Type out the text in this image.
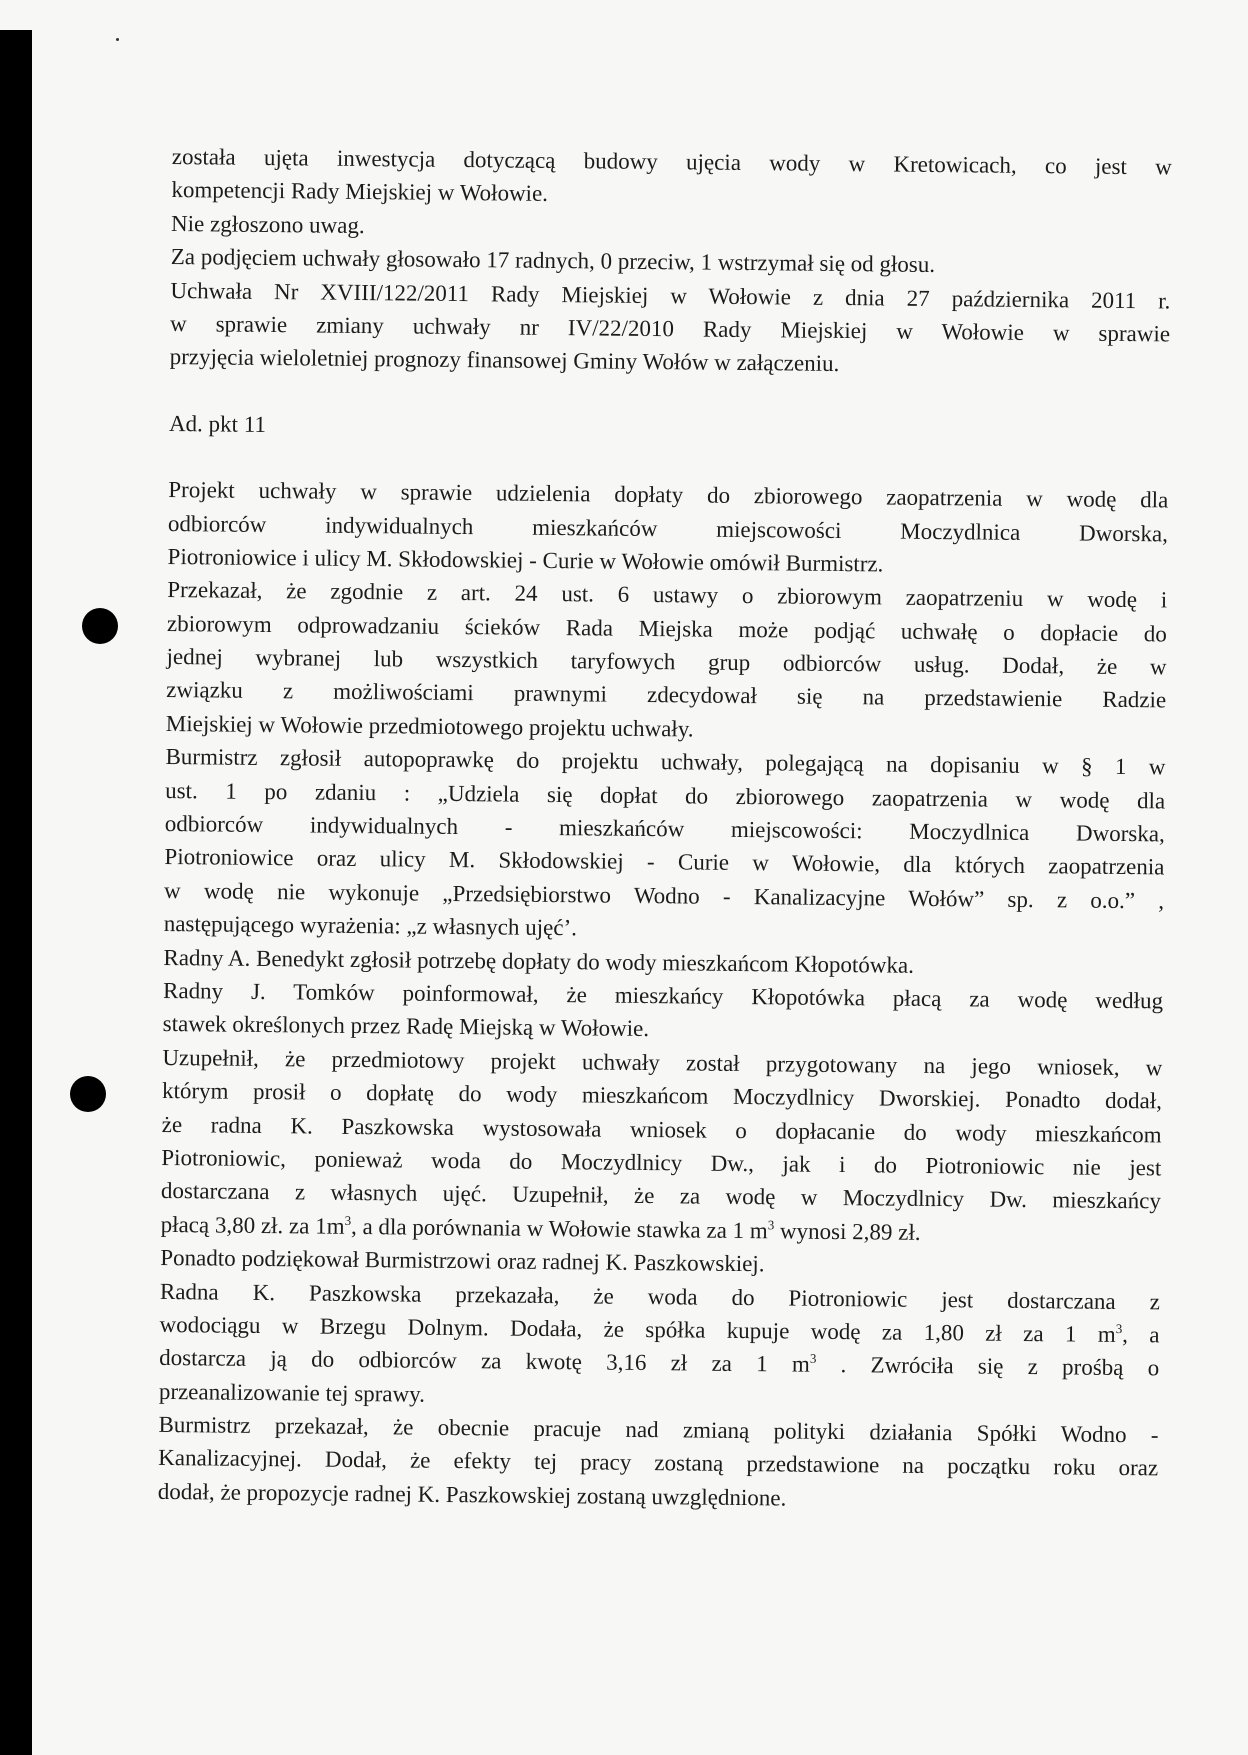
została ujęta inwestycja dotyczącą budowy ujęcia wody w Kretowicach, co jest w
kompetencji Rady Miejskiej w Wołowie.
Nie zgłoszono uwag.
Za podjęciem uchwały głosowało 17 radnych, 0 przeciw, 1 wstrzymał się od głosu.
Uchwała Nr XVIII/122/2011 Rady Miejskiej w Wołowie z dnia 27 października 2011 r.
w sprawie zmiany uchwały nr IV/22/2010 Rady Miejskiej w Wołowie w sprawie
przyjęcia wieloletniej prognozy finansowej Gminy Wołów w załączeniu.
Ad. pkt 11
Projekt uchwały w sprawie udzielenia dopłaty do zbiorowego zaopatrzenia w wodę dla
odbiorców indywidualnych mieszkańców miejscowości Moczydlnica Dworska,
Piotroniowice i ulicy M. Skłodowskiej - Curie w Wołowie omówił Burmistrz.
Przekazał, że zgodnie z art. 24 ust. 6 ustawy o zbiorowym zaopatrzeniu w wodę i
zbiorowym odprowadzaniu ścieków Rada Miejska może podjąć uchwałę o dopłacie do
jednej wybranej lub wszystkich taryfowych grup odbiorców usług. Dodał, że w
związku z możliwościami prawnymi zdecydował się na przedstawienie Radzie
Miejskiej w Wołowie przedmiotowego projektu uchwały.
Burmistrz zgłosił autopoprawkę do projektu uchwały, polegającą na dopisaniu w § 1 w
ust. 1 po zdaniu : „Udziela się dopłat do zbiorowego zaopatrzenia w wodę dla
odbiorców indywidualnych - mieszkańców miejscowości: Moczydlnica Dworska,
Piotroniowice oraz ulicy M. Skłodowskiej - Curie w Wołowie, dla których zaopatrzenia
w wodę nie wykonuje „Przedsiębiorstwo Wodno - Kanalizacyjne Wołów” sp. z o.o.” ,
następującego wyrażenia: „z własnych ujęć’.
Radny A. Benedykt zgłosił potrzebę dopłaty do wody mieszkańcom Kłopotówka.
Radny J. Tomków poinformował, że mieszkańcy Kłopotówka płacą za wodę według
stawek określonych przez Radę Miejską w Wołowie.
Uzupełnił, że przedmiotowy projekt uchwały został przygotowany na jego wniosek, w
którym prosił o dopłatę do wody mieszkańcom Moczydlnicy Dworskiej. Ponadto dodał,
że radna K. Paszkowska wystosowała wniosek o dopłacanie do wody mieszkańcom
Piotroniowic, ponieważ woda do Moczydlnicy Dw., jak i do Piotroniowic nie jest
dostarczana z własnych ujęć. Uzupełnił, że za wodę w Moczydlnicy Dw. mieszkańcy
płacą 3,80 zł. za $1m^3$, a dla porównania w Wołowie stawka za 1 $m^3$ wynosi 2,89 zł.
Ponadto podziękował Burmistrzowi oraz radnej K. Paszkowskiej.
Radna K. Paszkowska przekazała, że woda do Piotroniowic jest dostarczana z
wodociągu w Brzegu Dolnym. Dodała, że spółka kupuje wodę za 1,80 zł za 1 $m^3$, a
dostarcza ją do odbiorców za kwotę 3,16 zł za 1 $m^3$ . Zwróciła się z prośbą o
przeanalizowanie tej sprawy.
Burmistrz przekazał, że obecnie pracuje nad zmianą polityki działania Spółki Wodno -
Kanalizacyjnej. Dodał, że efekty tej pracy zostaną przedstawione na początku roku oraz
dodał, że propozycje radnej K. Paszkowskiej zostaną uwzględnione.
